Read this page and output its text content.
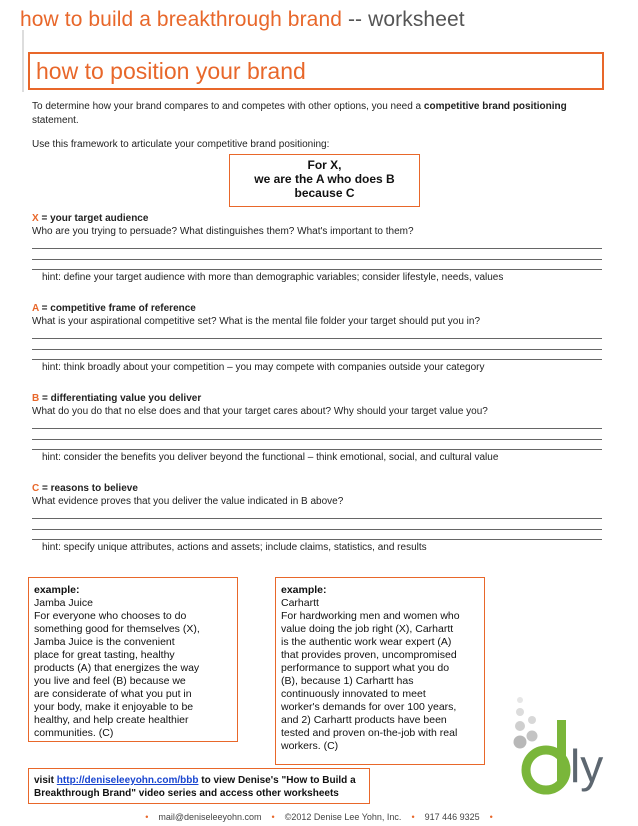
how to build a breakthrough brand -- worksheet
how to position your brand
To determine how your brand compares to and competes with other options, you need a competitive brand positioning statement.
Use this framework to articulate your competitive brand positioning:
For X,
we are the A who does B
because C
X = your target audience
Who are you trying to persuade? What distinguishes them? What's important to them?
hint: define your target audience with more than demographic variables; consider lifestyle, needs, values
A = competitive frame of reference
What is your aspirational competitive set? What is the mental file folder your target should put you in?
hint: think broadly about your competition – you may compete with companies outside your category
B = differentiating value you deliver
What do you do that no else does and that your target cares about? Why should your target value you?
hint: consider the benefits you deliver beyond the functional – think emotional, social, and cultural value
C = reasons to believe
What evidence proves that you deliver the value indicated in B above?
hint: specify unique attributes, actions and assets; include claims, statistics, and results
example:
Jamba Juice
For everyone who chooses to do
something good for themselves (X),
Jamba Juice is the convenient
place for great tasting, healthy
products (A) that energizes the way
you live and feel (B) because we
are considerate of what you put in
your body, make it enjoyable to be
healthy, and help create healthier
communities. (C)
example:
Carhartt
For hardworking men and women who
value doing the job right (X), Carhartt
is the authentic work wear expert (A)
that provides proven, uncompromised
performance to support what you do
(B), because 1) Carhartt has
continuously innovated to meet
worker's demands for over 100 years,
and 2) Carhartt products have been
tested and proven on-the-job with real
workers. (C)
visit http://deniseleeyohn.com/bbb to view Denise's "How to Build a Breakthrough Brand" video series and access other worksheets
ly
• mail@deniseleeyohn.com • ©2012 Denise Lee Yohn, Inc. • 917 446 9325 •
